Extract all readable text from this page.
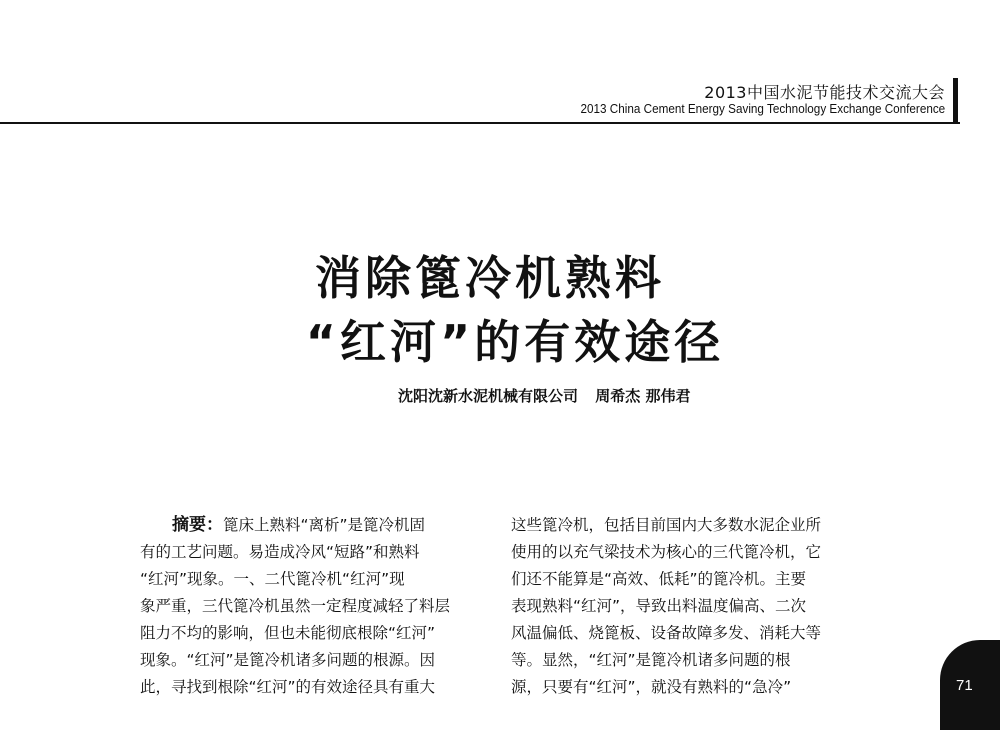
2013中国水泥节能技术交流大会
2013 China Cement Energy Saving Technology Exchange Conference
消除篦冷机熟料
“红河”的有效途径
沈阳沈新水泥机械有限公司 周希杰 那伟君
摘要：篦床上熟料“离析”是篦冷机固
有的工艺问题。易造成冷风“短路”和熟料
“红河”现象。一、二代篦冷机“红河”现
象严重，三代篦冷机虽然一定程度减轻了料层
阻力不均的影响，但也未能彻底根除“红河”
现象。“红河”是篦冷机诸多问题的根源。因
此，寻找到根除“红河”的有效途径具有重大
这些篦冷机，包括目前国内大多数水泥企业所
使用的以充气梁技术为核心的三代篦冷机，它
们还不能算是“高效、低耗”的篦冷机。主要
表现熟料“红河”，导致出料温度偏高、二次
风温偏低、烧篦板、设备故障多发、消耗大等
等。显然，“红河”是篦冷机诸多问题的根
源，只要有“红河”，就没有熟料的“急冷”	71
